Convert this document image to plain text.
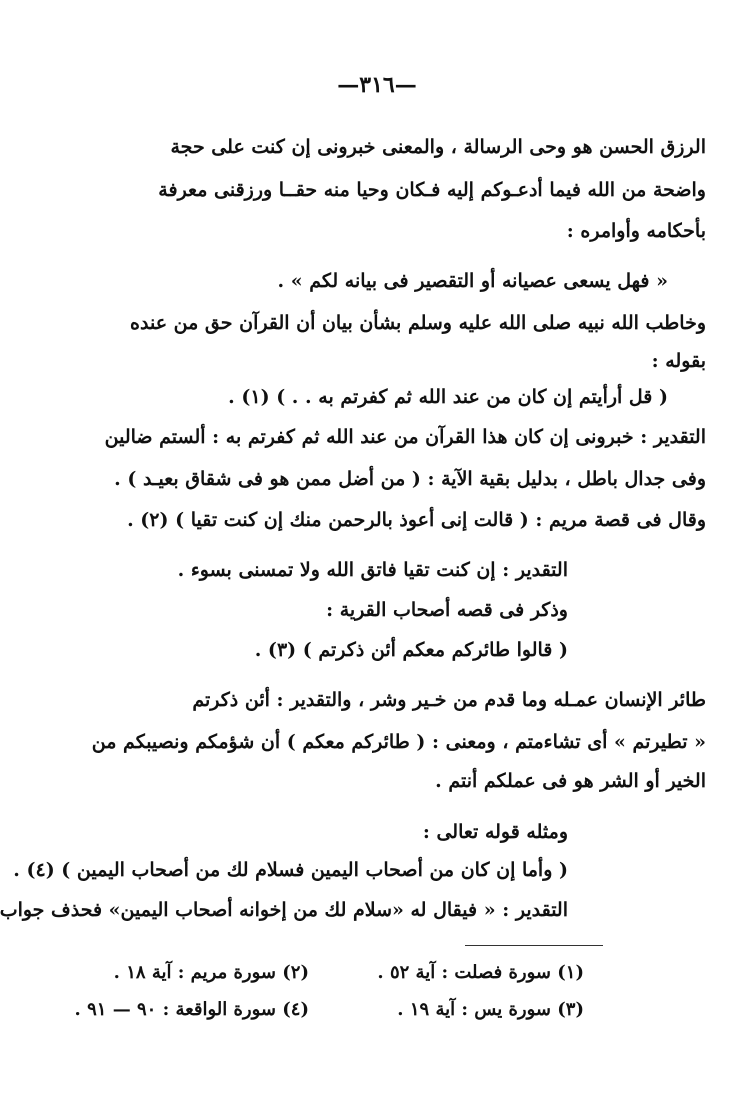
—٣١٦—
الرزق الحسن هو وحى الرسالة ، والمعنى خبرونى إن كنت على حجة
واضحة من الله فيما أدعـوكم إليه فـكان وحيا منه حقــا ورزقنى معرفة
بأحكامه وأوامره :
« فهل يسعى عصيانه أو التقصير فى بيانه لكم » .
وخاطب الله نبيه صلى الله عليه وسلم بشأن بيان أن القرآن حق من عنده
بقوله :
( قل أرأيتم إن كان من عند الله ثم كفرتم به . . ) (١) .
التقدير : خبرونى إن كان هذا القرآن من عند الله ثم كفرتم به : ألستم ضالين
وفى جدال باطل ، بدليل بقية الآية : ( من أضل ممن هو فى شقاق بعيـد ) .
وقال فى قصة مريم : ( قالت إنى أعوذ بالرحمن منك إن كنت تقيا ) (٢) .
التقدير : إن كنت تقيا فاتق الله ولا تمسنى بسوء .
وذكر فى قصه أصحاب القرية :
( قالوا طائركم معكم أئن ذكرتم ) (٣) .
طائر الإنسان عمـله وما قدم من خـير وشر ، والتقدير : أئن ذكرتم
« تطيرتم » أى تشاءمتم ، ومعنى : ( طائركم معكم ) أن شؤمكم ونصيبكم من
الخير أو الشر هو فى عملكم أنتم .
ومثله قوله تعالى :
( وأما إن كان من أصحاب اليمين فسلام لك من أصحاب اليمين ) (٤) .
التقدير : « فيقال له «سلام لك من إخوانه أصحاب اليمين» فحذف جواب
(١) سورة فصلت : آية ٥٢ .
(٢) سورة مريم : آية ١٨ .
(٣) سورة يس : آية ١٩ .
(٤) سورة الواقعة : ٩٠ — ٩١ .
